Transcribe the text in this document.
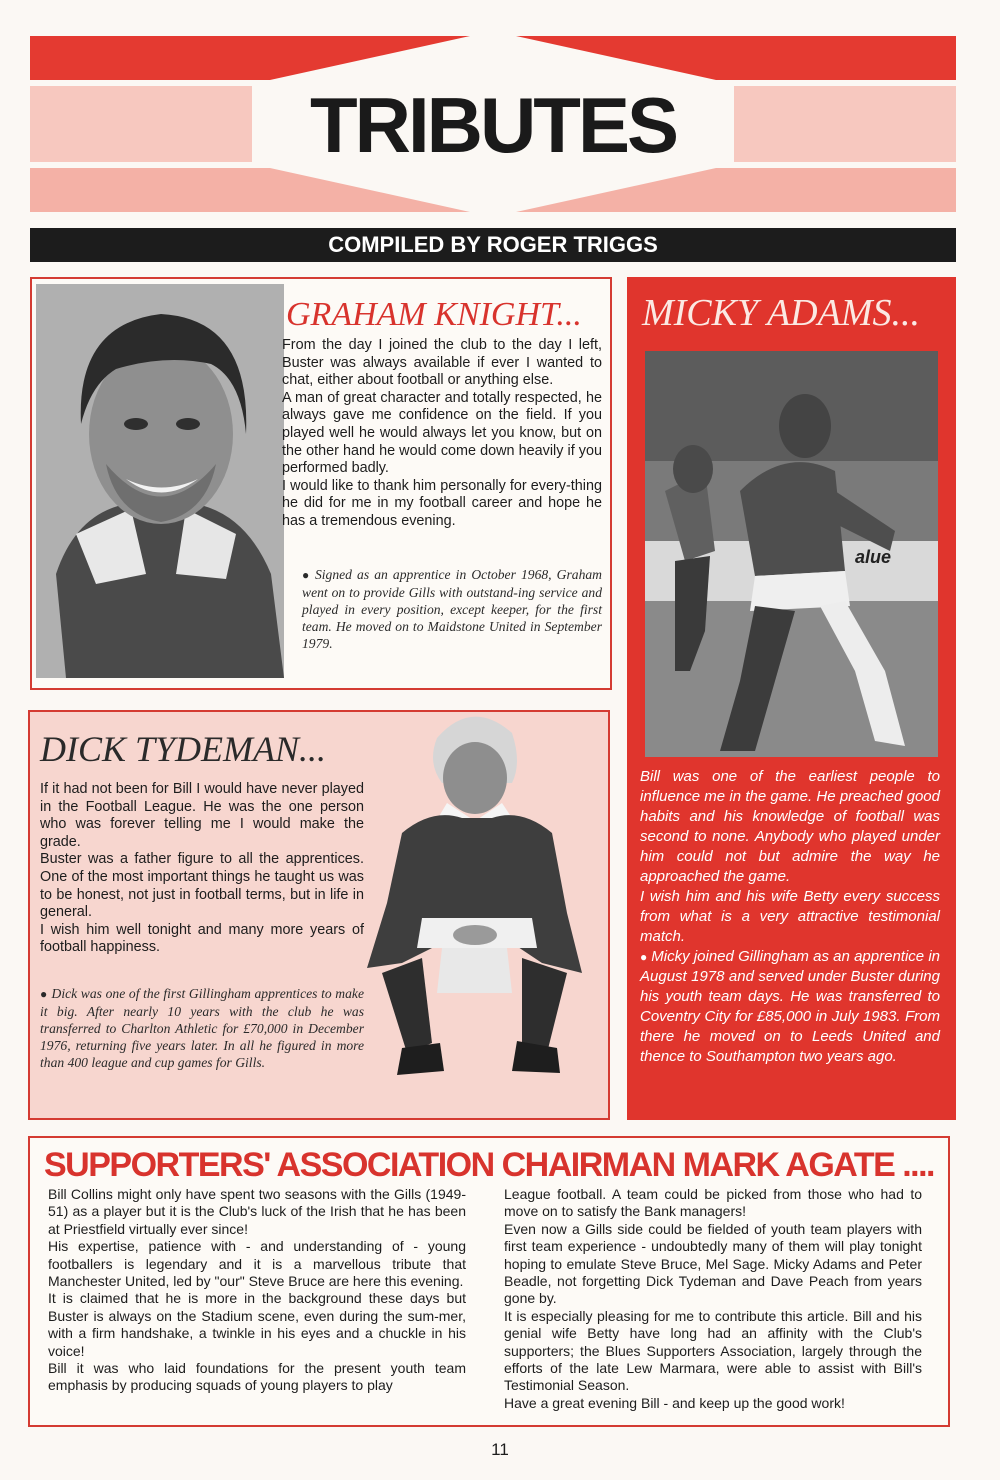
TRIBUTES
COMPILED BY ROGER TRIGGS
GRAHAM KNIGHT...
From the day I joined the club to the day I left, Buster was always available if ever I wanted to chat, either about football or anything else.
A man of great character and totally respected, he always gave me confidence on the field. If you played well he would always let you know, but on the other hand he would come down heavily if you performed badly.
I would like to thank him personally for every-thing he did for me in my football career and hope he has a tremendous evening.
● Signed as an apprentice in October 1968, Graham went on to provide Gills with outstand-ing service and played in every position, except keeper, for the first team. He moved on to Maidstone United in September 1979.
MICKY ADAMS...
alue
Bill was one of the earliest people to influence me in the game. He preached good habits and his knowledge of football was second to none. Anybody who played under him could not but admire the way he approached the game.
I wish him and his wife Betty every success from what is a very attractive testimonial match.
● Micky joined Gillingham as an apprentice in August 1978 and served under Buster during his youth team days. He was transferred to Coventry City for £85,000 in July 1983. From there he moved on to Leeds United and thence to Southampton two years ago.
DICK TYDEMAN...
If it had not been for Bill I would have never played in the Football League. He was the one person who was forever telling me I would make the grade.
Buster was a father figure to all the apprentices. One of the most important things he taught us was to be honest, not just in football terms, but in life in general.
I wish him well tonight and many more years of football happiness.
● Dick was one of the first Gillingham apprentices to make it big. After nearly 10 years with the club he was transferred to Charlton Athletic for £70,000 in December 1976, returning five years later. In all he figured in more than 400 league and cup games for Gills.
SUPPORTERS' ASSOCIATION CHAIRMAN MARK AGATE ....
Bill Collins might only have spent two seasons with the Gills (1949-51) as a player but it is the Club's luck of the Irish that he has been at Priestfield virtually ever since!
His expertise, patience with - and understanding of - young footballers is legendary and it is a marvellous tribute that Manchester United, led by "our" Steve Bruce are here this evening.
It is claimed that he is more in the background these days but Buster is always on the Stadium scene, even during the sum-mer, with a firm handshake, a twinkle in his eyes and a chuckle in his voice!
Bill it was who laid foundations for the present youth team emphasis by producing squads of young players to play
League football. A team could be picked from those who had to move on to satisfy the Bank managers!
Even now a Gills side could be fielded of youth team players with first team experience - undoubtedly many of them will play tonight hoping to emulate Steve Bruce, Mel Sage. Micky Adams and Peter Beadle, not forgetting Dick Tydeman and Dave Peach from years gone by.
It is especially pleasing for me to contribute this article. Bill and his genial wife Betty have long had an affinity with the Club's supporters; the Blues Supporters Association, largely through the efforts of the late Lew Marmara, were able to assist with Bill's Testimonial Season.
Have a great evening Bill - and keep up the good work!
11
